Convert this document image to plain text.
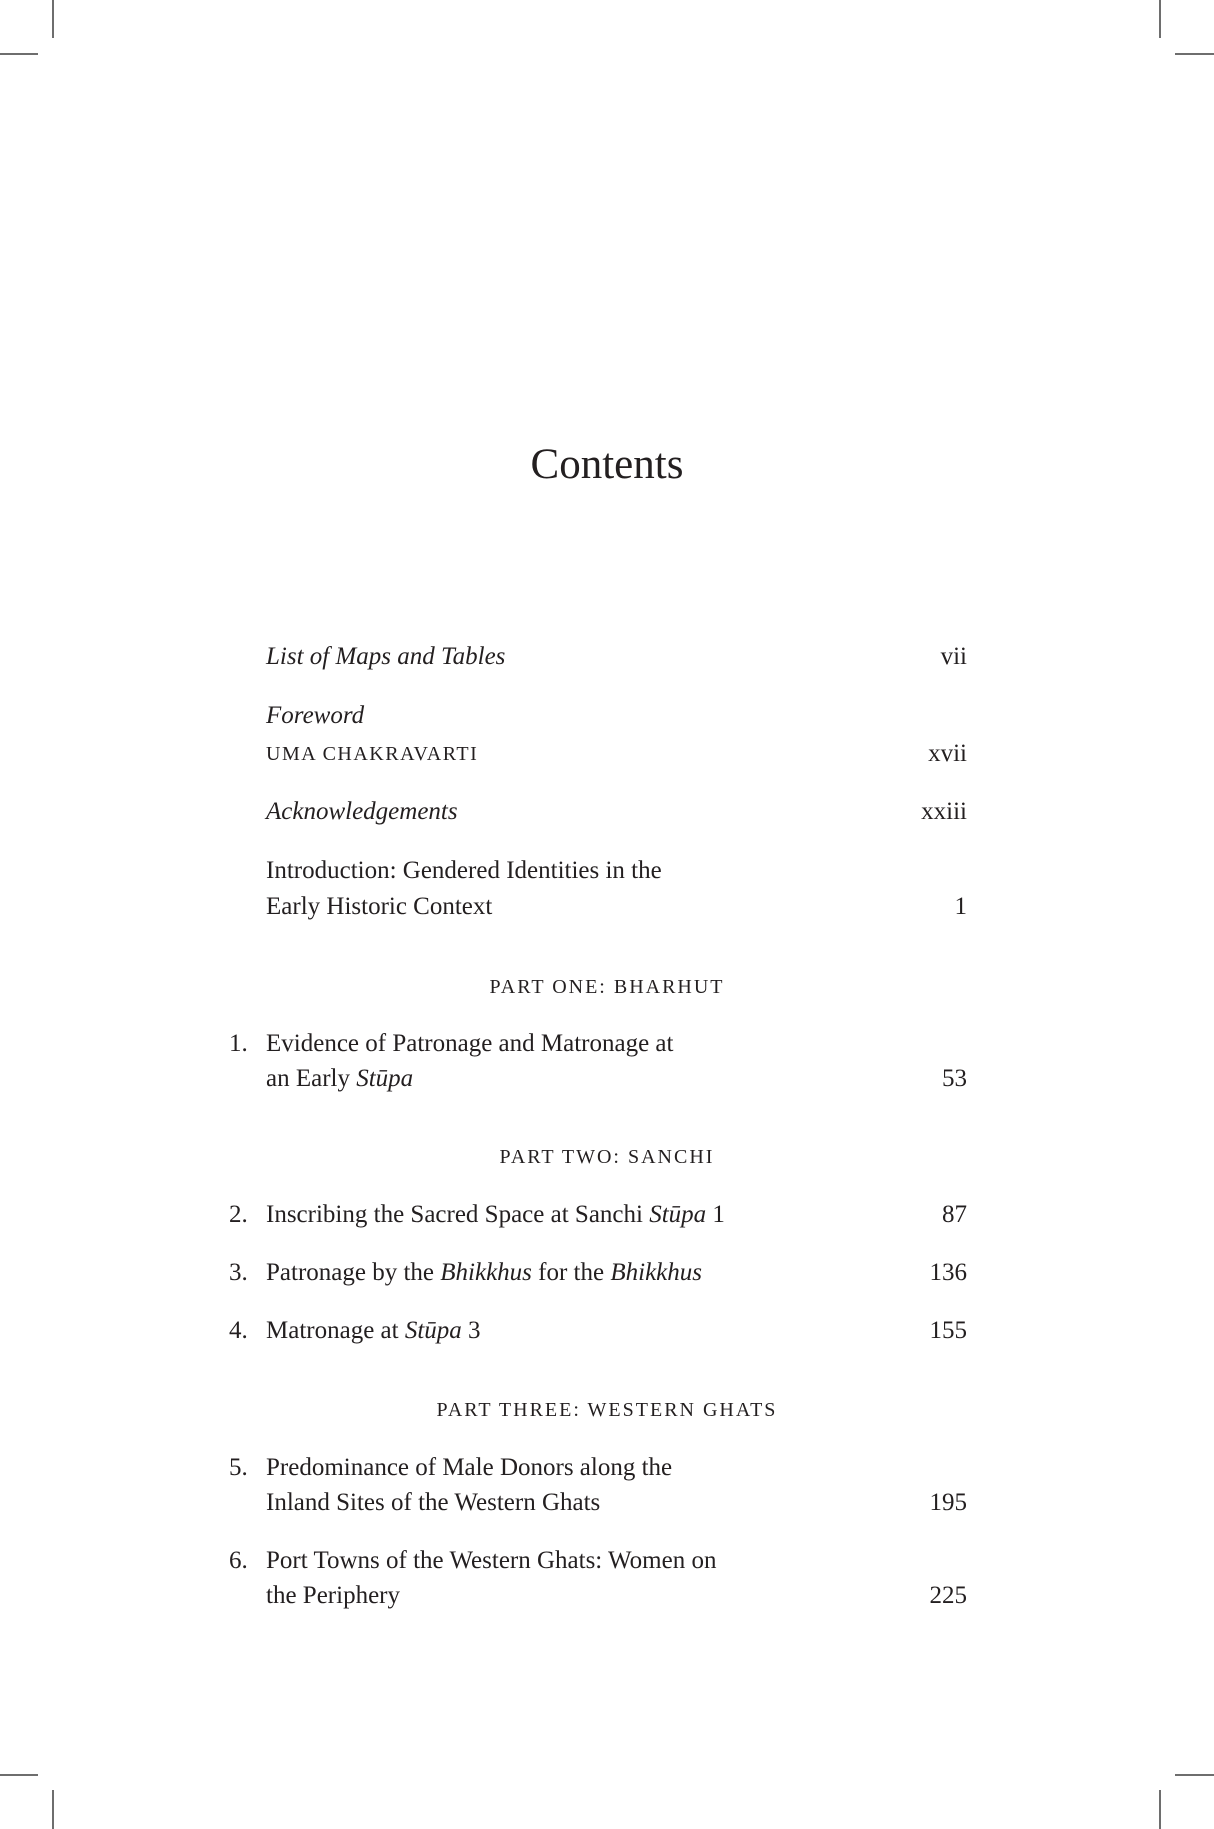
Contents
List of Maps and Tables	vii
Foreword
UMA CHAKRAVARTI	xvii
Acknowledgements	xxiii
Introduction: Gendered Identities in the
Early Historic Context	1
PART ONE: BHARHUT
1. Evidence of Patronage and Matronage at
an Early Stūpa	53
PART TWO: SANCHI
2. Inscribing the Sacred Space at Sanchi Stūpa 1	87
3. Patronage by the Bhikkhus for the Bhikkhus	136
4. Matronage at Stūpa 3	155
PART THREE: WESTERN GHATS
5. Predominance of Male Donors along the
Inland Sites of the Western Ghats	195
6. Port Towns of the Western Ghats: Women on
the Periphery	225
